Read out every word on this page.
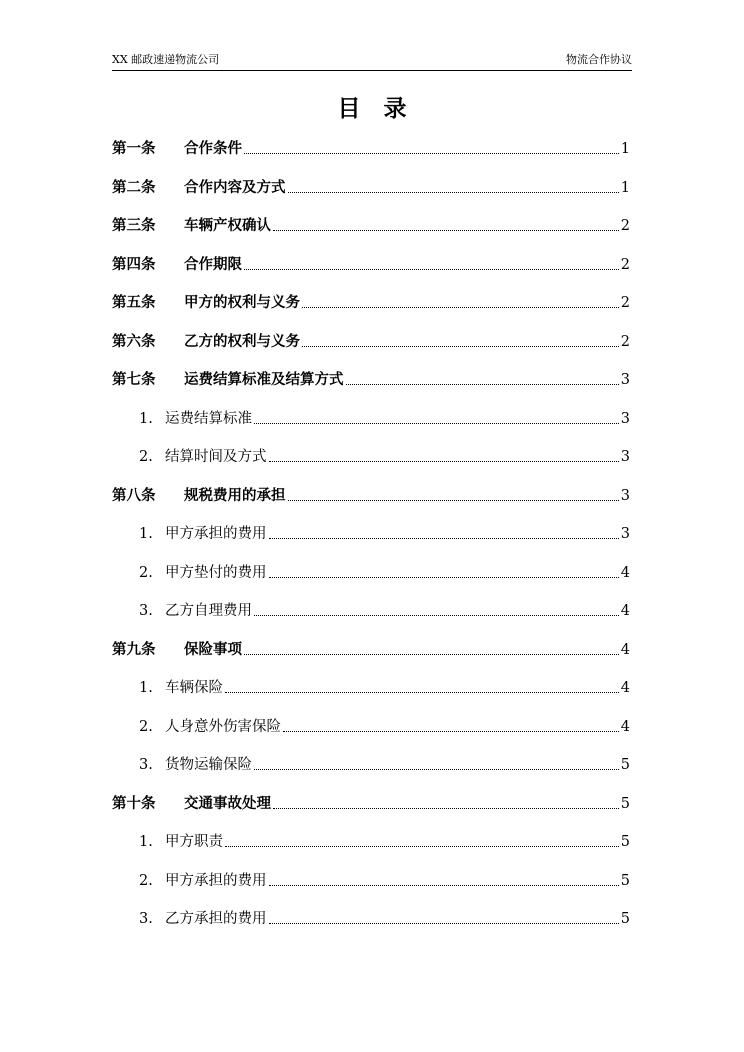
XX 邮政速递物流公司	物流合作协议
目　录
第一条	合作条件	1
第二条	合作内容及方式	1
第三条	车辆产权确认	2
第四条	合作期限	2
第五条	甲方的权利与义务	2
第六条	乙方的权利与义务	2
第七条	运费结算标准及结算方式	3
1. 运费结算标准	3
2. 结算时间及方式	3
第八条	规税费用的承担	3
1. 甲方承担的费用	3
2. 甲方垫付的费用	4
3. 乙方自理费用	4
第九条	保险事项	4
1. 车辆保险	4
2. 人身意外伤害保险	4
3. 货物运输保险	5
第十条	交通事故处理	5
1. 甲方职责	5
2. 甲方承担的费用	5
3. 乙方承担的费用	5
